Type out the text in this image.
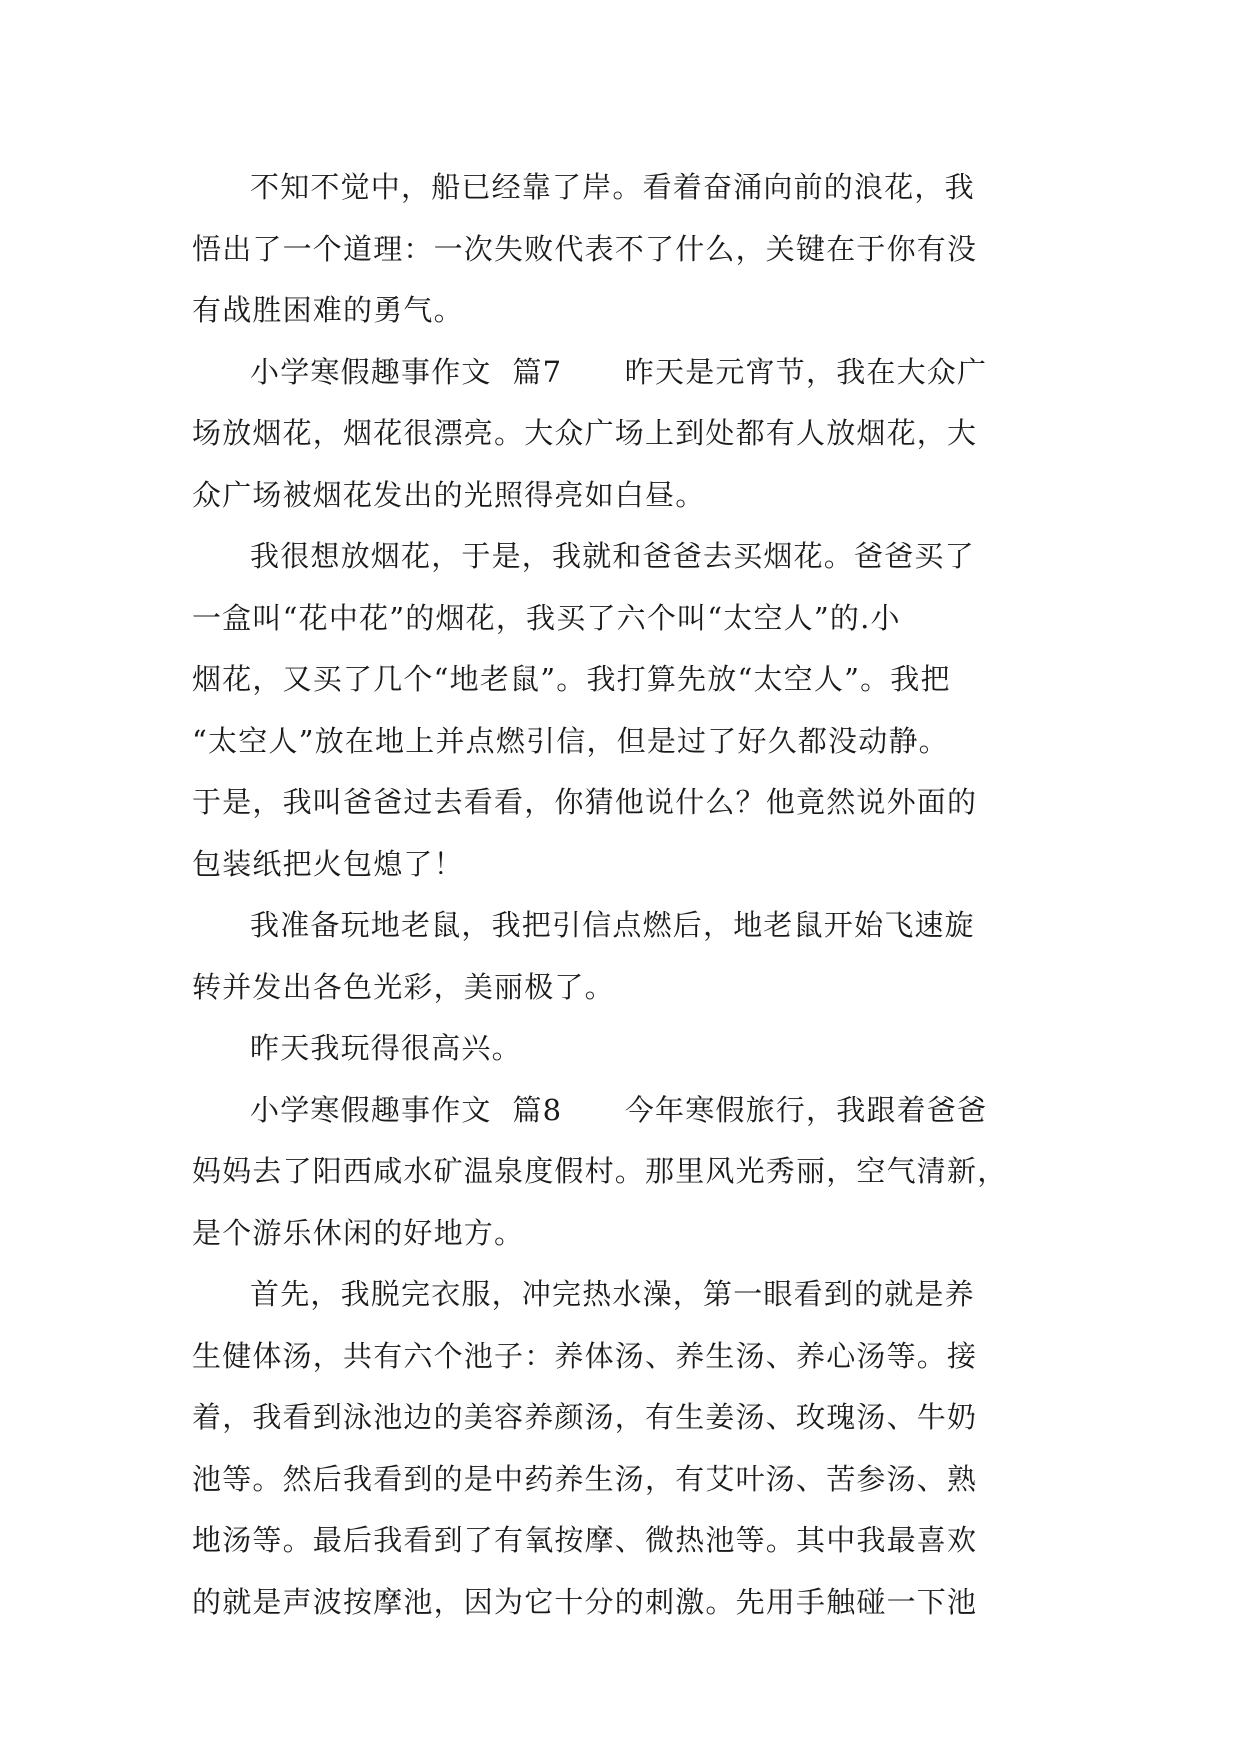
不知不觉中，船已经靠了岸。看着奋涌向前的浪花，我
悟出了一个道理：一次失败代表不了什么，关键在于你有没
有战胜困难的勇气。
小学寒假趣事作文  篇7      昨天是元宵节，我在大众广
场放烟花，烟花很漂亮。大众广场上到处都有人放烟花，大
众广场被烟花发出的光照得亮如白昼。
我很想放烟花，于是，我就和爸爸去买烟花。爸爸买了
一盒叫“花中花”的烟花，我买了六个叫“太空人”的.小
烟花，又买了几个“地老鼠”。我打算先放“太空人”。我把
“太空人”放在地上并点燃引信，但是过了好久都没动静。
于是，我叫爸爸过去看看，你猜他说什么？他竟然说外面的
包装纸把火包熄了！
我准备玩地老鼠，我把引信点燃后，地老鼠开始飞速旋
转并发出各色光彩，美丽极了。
昨天我玩得很高兴。
小学寒假趣事作文  篇8      今年寒假旅行，我跟着爸爸
妈妈去了阳西咸水矿温泉度假村。那里风光秀丽，空气清新，
是个游乐休闲的好地方。
首先，我脱完衣服，冲完热水澡，第一眼看到的就是养
生健体汤，共有六个池子：养体汤、养生汤、养心汤等。接
着，我看到泳池边的美容养颜汤，有生姜汤、玫瑰汤、牛奶
池等。然后我看到的是中药养生汤，有艾叶汤、苦参汤、熟
地汤等。最后我看到了有氧按摩、微热池等。其中我最喜欢
的就是声波按摩池，因为它十分的刺激。先用手触碰一下池
